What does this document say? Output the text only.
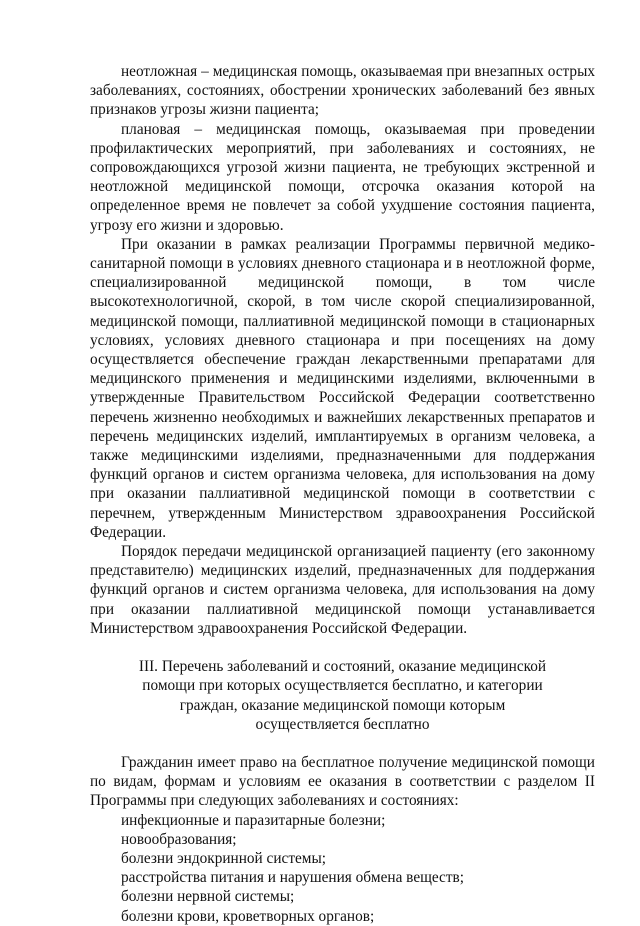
неотложная – медицинская помощь, оказываемая при внезапных острых заболеваниях, состояниях, обострении хронических заболеваний без явных признаков угрозы жизни пациента;

плановая – медицинская помощь, оказываемая при проведении профилактических мероприятий, при заболеваниях и состояниях, не сопровождающихся угрозой жизни пациента, не требующих экстренной и неотложной медицинской помощи, отсрочка оказания которой на определенное время не повлечет за собой ухудшение состояния пациента, угрозу его жизни и здоровью.

При оказании в рамках реализации Программы первичной медико-санитарной помощи в условиях дневного стационара и в неотложной форме, специализированной медицинской помощи, в том числе высокотехнологичной, скорой, в том числе скорой специализированной, медицинской помощи, паллиативной медицинской помощи в стационарных условиях, условиях дневного стационара и при посещениях на дому осуществляется обеспечение граждан лекарственными препаратами для медицинского применения и медицинскими изделиями, включенными в утвержденные Правительством Российской Федерации соответственно перечень жизненно необходимых и важнейших лекарственных препаратов и перечень медицинских изделий, имплантируемых в организм человека, а также медицинскими изделиями, предназначенными для поддержания функций органов и систем организма человека, для использования на дому при оказании паллиативной медицинской помощи в соответствии с перечнем, утвержденным Министерством здравоохранения Российской Федерации.

Порядок передачи медицинской организацией пациенту (его законному представителю) медицинских изделий, предназначенных для поддержания функций органов и систем организма человека, для использования на дому при оказании паллиативной медицинской помощи устанавливается Министерством здравоохранения Российской Федерации.

III. Перечень заболеваний и состояний, оказание медицинской помощи при которых осуществляется бесплатно, и категории граждан, оказание медицинской помощи которым осуществляется бесплатно

Гражданин имеет право на бесплатное получение медицинской помощи по видам, формам и условиям ее оказания в соответствии с разделом II Программы при следующих заболеваниях и состояниях:

инфекционные и паразитарные болезни;

новообразования;

болезни эндокринной системы;

расстройства питания и нарушения обмена веществ;

болезни нервной системы;

болезни крови, кроветворных органов;
